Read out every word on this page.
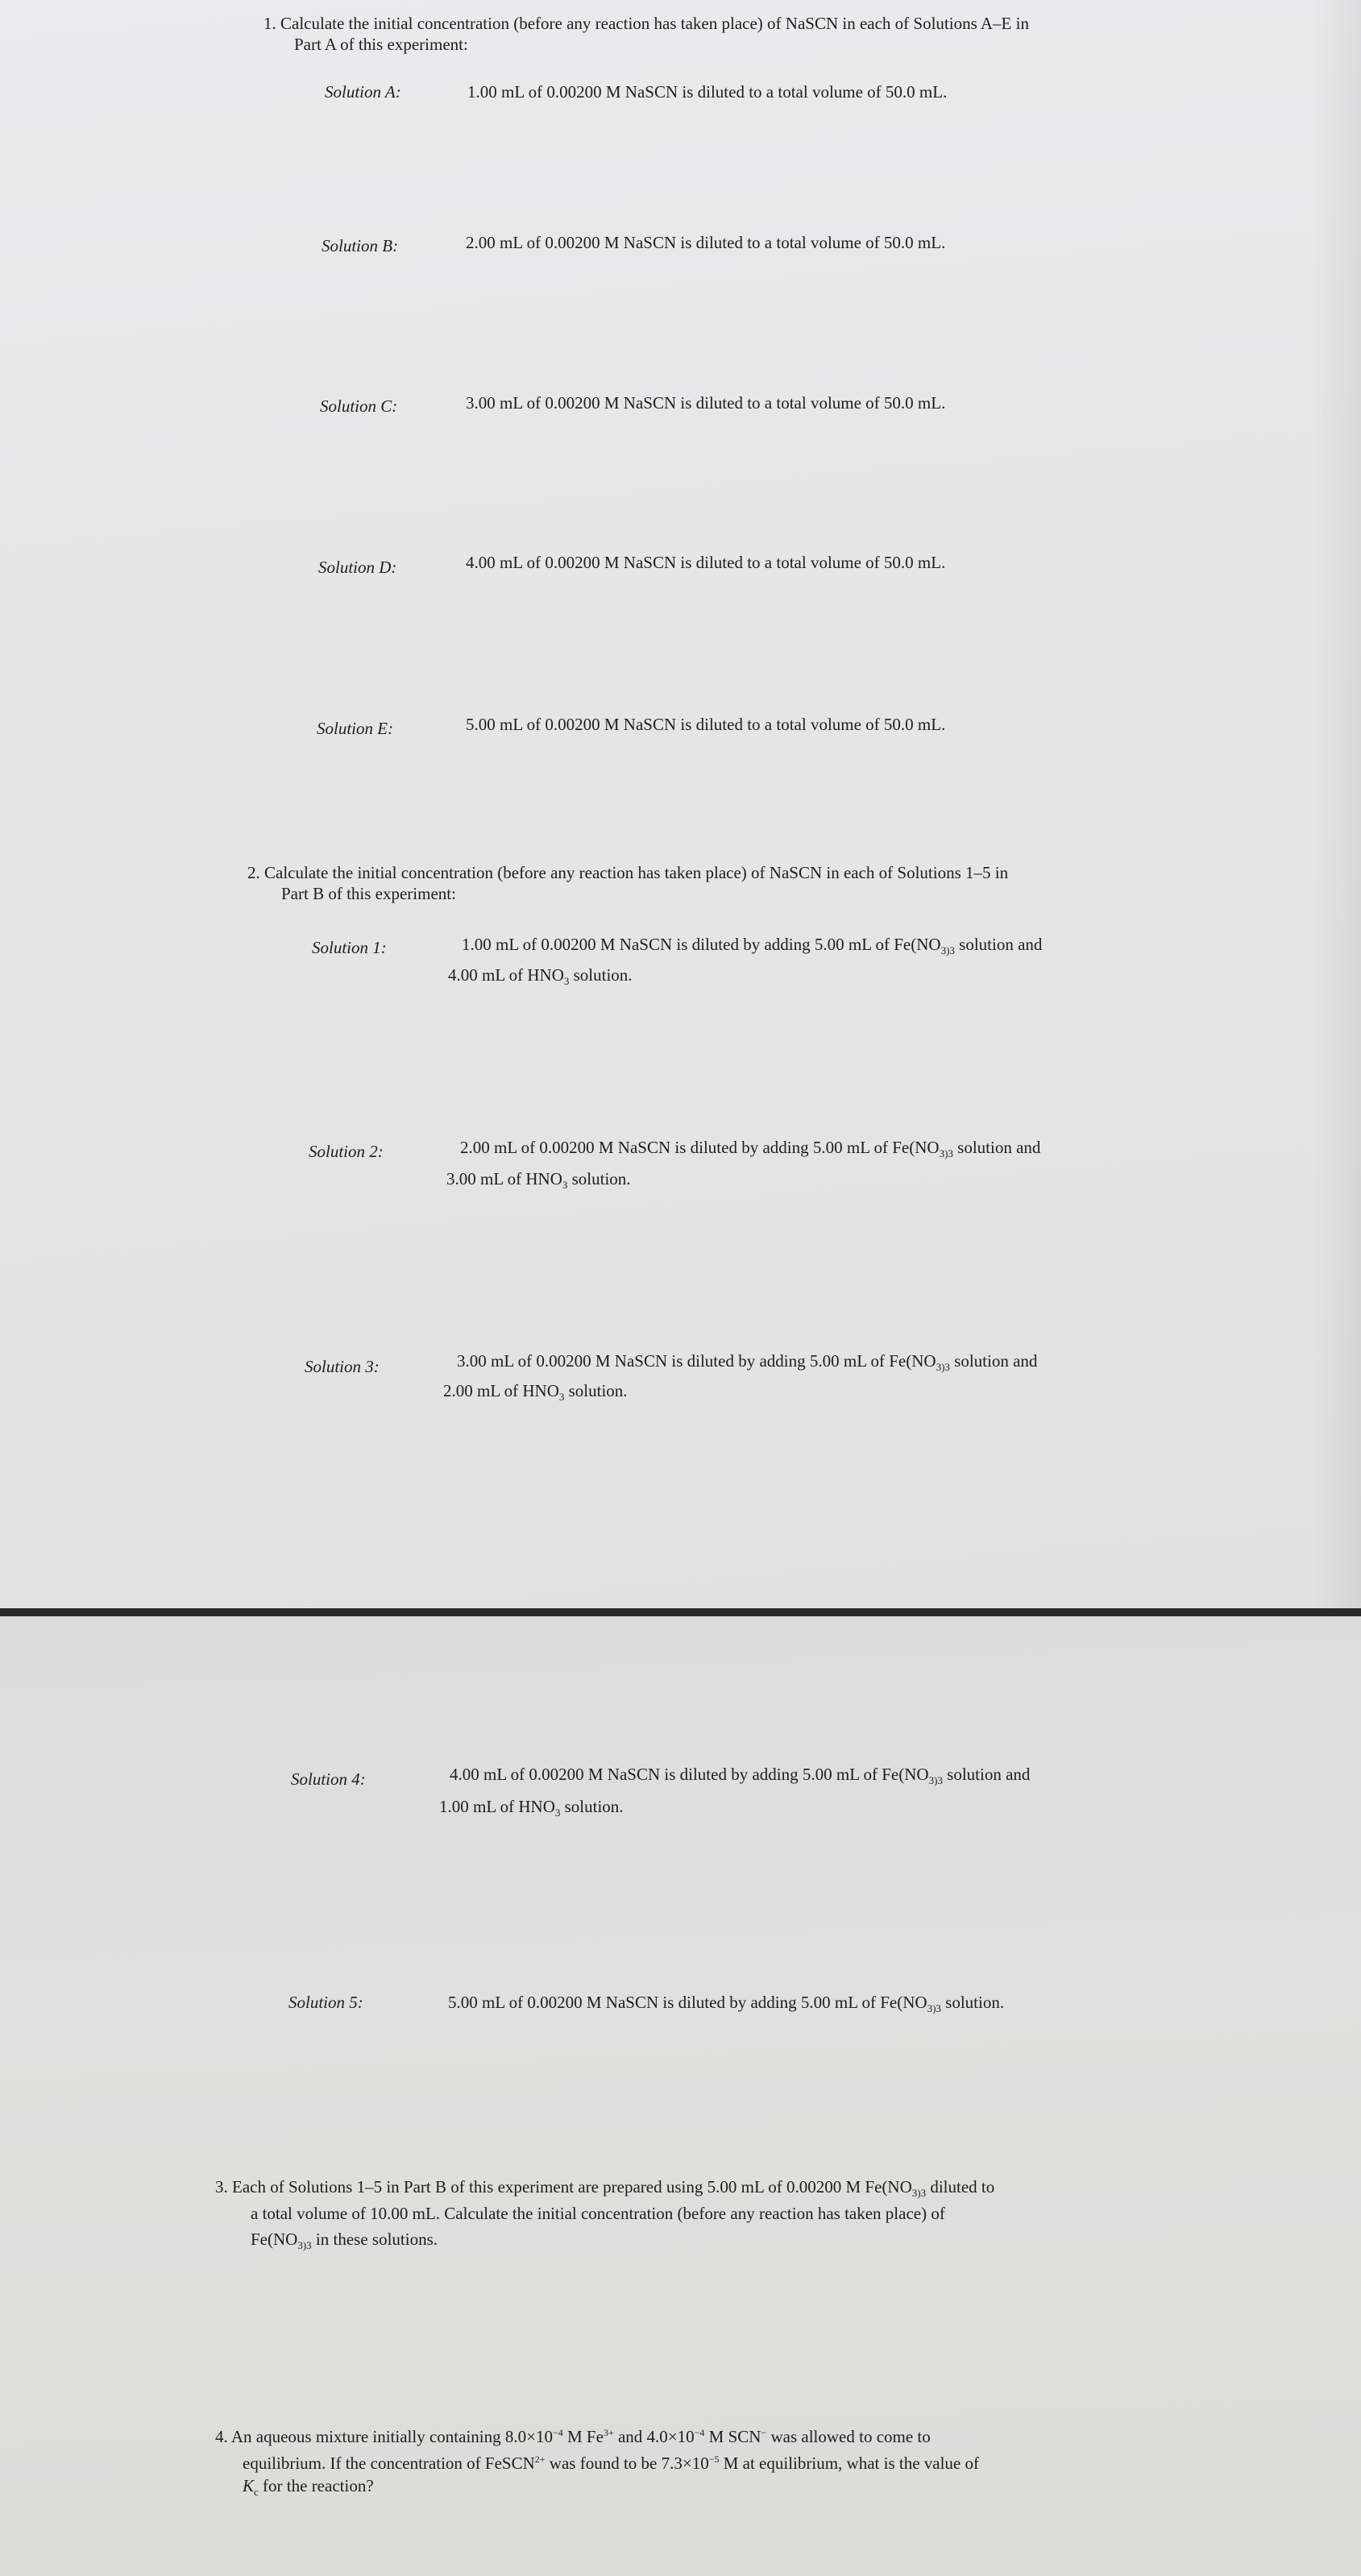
1. Calculate the initial concentration (before any reaction has taken place) of NaSCN in each of Solutions A–E in
Part A of this experiment:
Solution A:	1.00 mL of 0.00200 M NaSCN is diluted to a total volume of 50.0 mL.
Solution B:	2.00 mL of 0.00200 M NaSCN is diluted to a total volume of 50.0 mL.
Solution C:	3.00 mL of 0.00200 M NaSCN is diluted to a total volume of 50.0 mL.
Solution D:	4.00 mL of 0.00200 M NaSCN is diluted to a total volume of 50.0 mL.
Solution E:	5.00 mL of 0.00200 M NaSCN is diluted to a total volume of 50.0 mL.
2. Calculate the initial concentration (before any reaction has taken place) of NaSCN in each of Solutions 1–5 in
Part B of this experiment:
Solution 1:	1.00 mL of 0.00200 M NaSCN is diluted by adding 5.00 mL of $Fe(NO_{3)3}$ solution and
4.00 mL of $HNO_3$ solution.
Solution 2:	2.00 mL of 0.00200 M NaSCN is diluted by adding 5.00 mL of $Fe(NO_{3)3}$ solution and
3.00 mL of $HNO_3$ solution.
Solution 3:	3.00 mL of 0.00200 M NaSCN is diluted by adding 5.00 mL of $Fe(NO_{3)3}$ solution and
2.00 mL of $HNO_3$ solution.
Solution 4:	4.00 mL of 0.00200 M NaSCN is diluted by adding 5.00 mL of $Fe(NO_{3)3}$ solution and
1.00 mL of $HNO_3$ solution.
Solution 5:	5.00 mL of 0.00200 M NaSCN is diluted by adding 5.00 mL of $Fe(NO_{3)3}$ solution.
3. Each of Solutions 1–5 in Part B of this experiment are prepared using 5.00 mL of 0.00200 M $Fe(NO_{3)3}$ diluted to
a total volume of 10.00 mL. Calculate the initial concentration (before any reaction has taken place) of
$Fe(NO_{3)3}$ in these solutions.
4. An aqueous mixture initially containing $8.0\times 10^{-4}$ M $Fe^{3+}$ and $4.0\times 10^{-4}$ M SCN− was allowed to come to
equilibrium. If the concentration of FeSCN$^{2+}$ was found to be $7.3\times 10^{-5}$ M at equilibrium, what is the value of
$K_c$ for the reaction?
